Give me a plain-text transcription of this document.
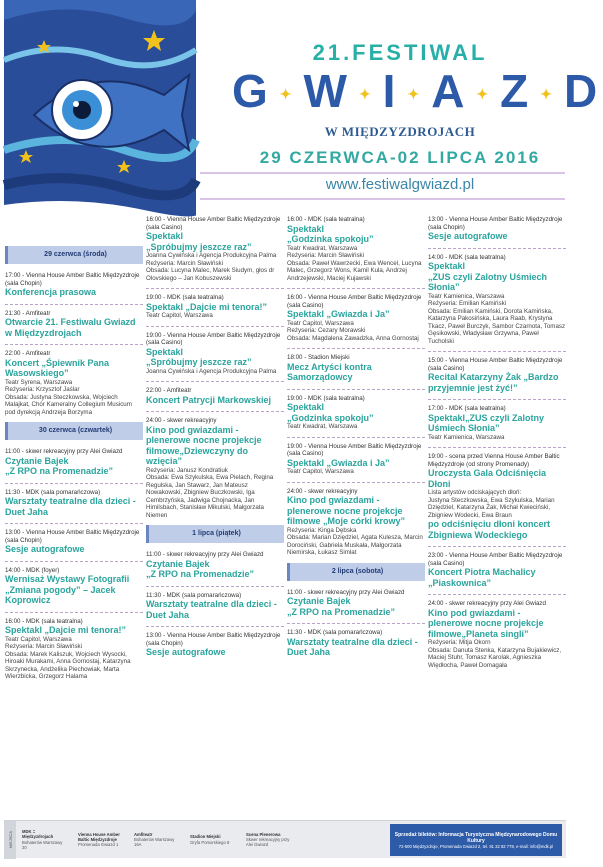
21.FESTIWAL
G ✦ W ✦ I ✦ A ✦ Z ✦ D
W MIĘDZYZDROJACH
29 CZERWCA-02 LIPCA 2016
www.festiwalgwiazd.pl
29 czerwca (środa)
17:00 - Vienna House Amber Baltic Międzyzdroje (sala Chopin)
Konferencja prasowa
21:30 - Amfiteatr
Otwarcie 21. Festiwalu Gwiazd w Międzyzdrojach
22:00 - Amfiteatr
Koncert „Śpiewnik Pana Wasowskiego”
Teatr Syrena, Warszawa
Reżyseria: Krzysztof Jaślar
Obsada: Justyna Steczkowska, Wojciech Malajkat, Chór Kameralny Collegium Musicum pod dyrekcją Andrzeja Borzyma
30 czerwca (czwartek)
11:00 - skwer rekreacyjny przy Alei Gwiazd
Czytanie Bajek
„Z RPO na Promenadzie”
11:30 - MDK (sala pomarańczowa)
Warsztaty teatralne dla dzieci - Duet Jaha
13:00 - Vienna House Amber Baltic Międzyzdroje (sala Chopin)
Sesje autografowe
14:00 - MDK (foyer)
Wernisaż Wystawy Fotografii „Zmiana pogody” – Jacek Koprowicz
16:00 - MDK (sala teatralna)
Spektakl „Dajcie mi tenora!”
Teatr Capitol, Warszawa
Reżyseria: Marcin Sławiński
Obsada: Marek Kaliszuk, Wojciech Wysocki, Hiroaki Murakami, Anna Gornostaj, Katarzyna Skrzynecka, Andżelika Piechowiak, Marta Wierzbicka, Grzegorz Halama
16:00 - Vienna House Amber Baltic Międzyzdroje (sala Casino)
Spektakl
„Spróbujmy jeszcze raz”
Joanna Cywińska i Agencja Produkcyjna Palma
Reżyseria: Marcin Sławiński
Obsada: Lucyna Malec, Marek Siudym, głos dr Olovskiego – Jan Kobuszewski
19:00 - MDK (sala teatralna)
Spektakl „Dajcie mi tenora!”
Teatr Capitol, Warszawa
19:00 - Vienna House Amber Baltic Międzyzdroje (sala Casino)
Spektakl
„Spróbujmy jeszcze raz”
Joanna Cywińska i Agencja Produkcyjna Palma
22:00 - Amfiteatr
Koncert Patrycji Markowskiej
24:00 - skwer rekreacyjny
Kino pod gwiazdami - plenerowe nocne projekcje filmowe„Dziewczyny do wzięcia”
Reżyseria: Janusz Kondratiuk
Obsada: Ewa Szykulska, Ewa Pielach, Regina Regulska, Jan Stawarz, Jan Mateusz Nowakowski, Zbigniew Buczkowski, Iga Cembrzyńska, Jadwiga Chojnacka, Jan Himilsbach, Stanisław Mikulski, Małgorzata Niemen
1 lipca (piątek)
11:00 - skwer rekreacyjny przy Alei Gwiazd
Czytanie Bajek
„Z RPO na Promenadzie”
11:30 - MDK (sala pomarańczowa)
Warsztaty teatralne dla dzieci - Duet Jaha
13:00 - Vienna House Amber Baltic Międzyzdroje (sala Chopin)
Sesje autografowe
16:00 - MDK (sala teatralna)
Spektakl
„Godzinka spokoju”
Teatr Kwadrat, Warszawa
Reżyseria: Marcin Sławiński
Obsada: Paweł Wawrzecki, Ewa Wencel, Lucyna Malec, Grzegorz Wons, Kamil Kula, Andrzej Andrzejewski, Maciej Kujawski
16:00 - Vienna House Amber Baltic Międzyzdroje (sala Casino)
Spektakl „Gwiazda i Ja”
Teatr Capitol, Warszawa
Reżyseria: Cezary Morawski
Obsada: Magdalena Zawadzka, Anna Gornostaj
18:00 - Stadion Miejski
Mecz Artyści kontra Samorządowcy
19:00 - MDK (sala teatralna)
Spektakl
„Godzinka spokoju”
Teatr Kwadrat, Warszawa
19:00 - Vienna House Amber Baltic Międzyzdroje (sala Casino)
Spektakl „Gwiazda i Ja”
Teatr Capitol, Warszawa
24:00 - skwer rekreacyjny
Kino pod gwiazdami - plenerowe nocne projekcje filmowe „Moje córki krowy”
Reżyseria: Kinga Dębska
Obsada: Marian Dziędziel, Agata Kulesza, Marcin Dorociński, Gabriela Muskała, Małgorzata Niemirska, Łukasz Simlat
2 lipca (sobota)
11:00 - skwer rekreacyjny przy Alei Gwiazd
Czytanie Bajek
„Z RPO na Promenadzie”
11:30 - MDK (sala pomarańczowa)
Warsztaty teatralne dla dzieci - Duet Jaha
13:00 - Vienna House Amber Baltic Międzyzdroje (sala Chopin)
Sesje autografowe
14:00 - MDK (sala teatralna)
Spektakl
„ZUS czyli Zalotny Uśmiech Słonia”
Teatr Kamienica, Warszawa
Reżyseria: Emilian Kamiński
Obsada: Emilian Kamiński, Dorota Kamińska, Katarzyna Pakosińska, Laura Raab, Krystyna Tkacz, Paweł Burczyk, Sambor Czarnota, Tomasz Gęsikowski, Władysław Grzywna, Paweł Tucholski
15:00 - Vienna House Amber Baltic Międzyzdroje (sala Casino)
Recital Katarzyny Żak „Bardzo przyjemnie jest żyć!”
17:00 - MDK (sala teatralna)
Spektakl„ZUS czyli Zalotny Uśmiech Słonia”
Teatr Kamienica, Warszawa
19:00 - scena przed Vienna House Amber Baltic Międzyzdroje (od strony Promenady)
Uroczysta Gala Odciśnięcia Dłoni
Lista artystów odciskających dłoń:
Justyna Steczkowska, Ewa Szykulska, Marian Dziędziel, Katarzyna Żak, Michał Kwieciński, Zbigniew Wodecki, Ewa Braun
po odciśnięciu dłoni koncert Zbigniewa Wodeckiego
23:00 - Vienna House Amber Baltic Międzyzdroje (sala Casino)
Koncert Piotra Machalicy „Piaskownica”
24:00 - skwer rekreacyjny przy Alei Gwiazd
Kino pod gwiazdami - plenerowe nocne projekcje filmowe„Planeta singli”
Reżyseria: Mitja Okorn
Obsada: Danuta Stenka, Katarzyna Bujakiewicz, Maciej Stuhr, Tomasz Karolak, Agnieszka Więdłocha, Paweł Domagała
MIEJSCA MDK = Międzyzdrojach
Bohaterów Warszawy 20
Vienna House Amber Baltic Międzyzdroje
Promenada Gwiazd 1
Amfiteatr
Bohaterów Warszawy 16A
Stadion Miejski
Gryfa Pomorskiego 8
Scena Plenerowa
Skwer rekreacyjny przy Alei Gwiazd
Sprzedaż biletów: Informacja Turystyczna Międzynarodowego Domu Kultury
72-500 Międzyzdroje, Promenada Gwiazd 2, tel. 91 32 82 778, e-mail: info@mdk.pl
